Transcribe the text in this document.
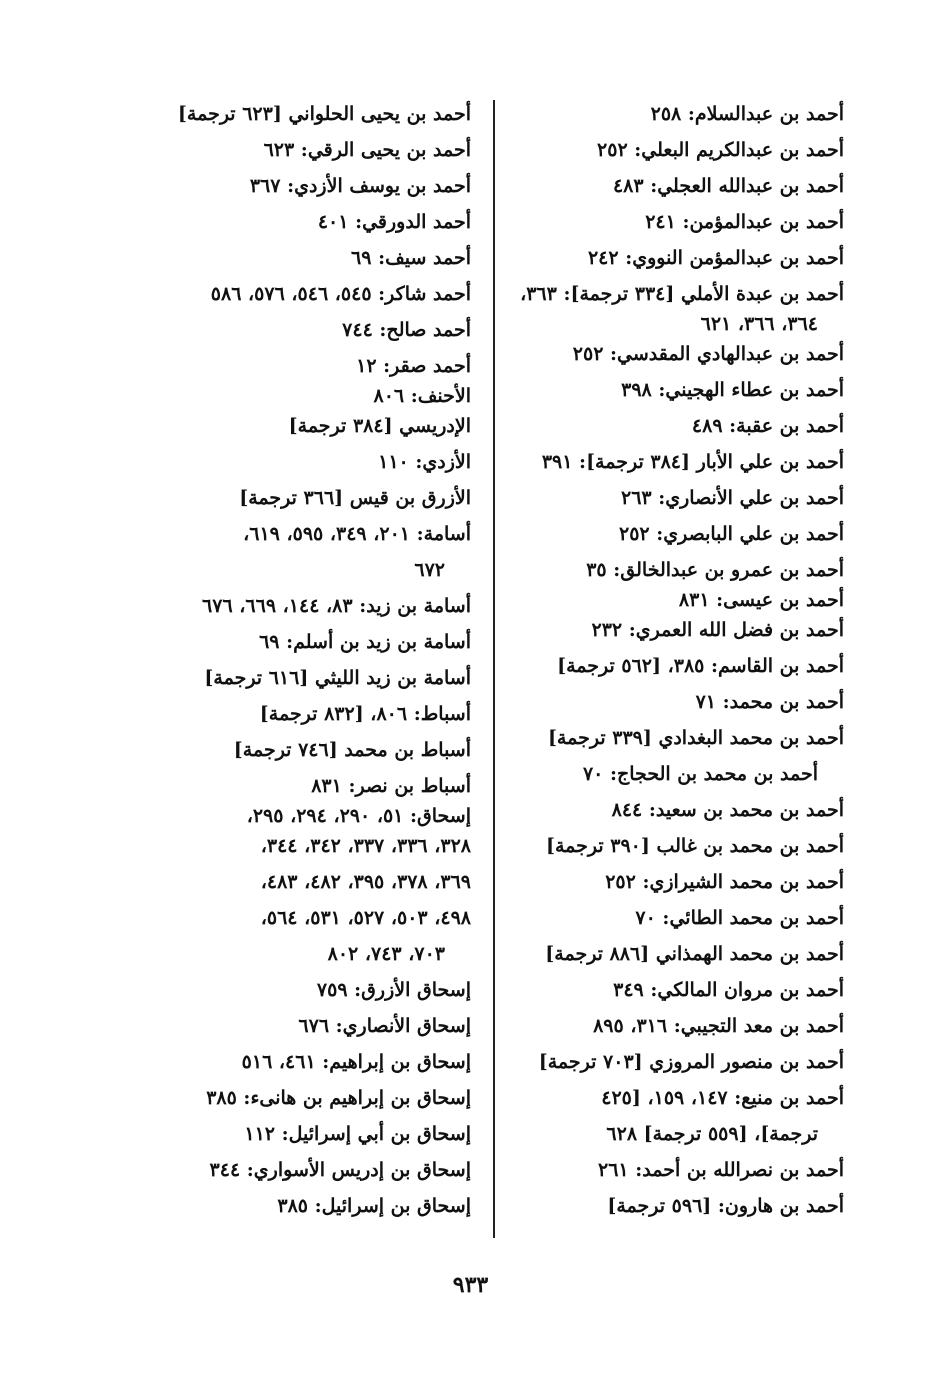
أحمد بن عبدالسلام: ٢٥٨
أحمد بن عبدالكريم البعلي: ٢٥٢
أحمد بن عبدالله العجلي: ٤٨٣
أحمد بن عبدالمؤمن: ٢٤١
أحمد بن عبدالمؤمن النووي: ٢٤٢
أحمد بن عبدة الأملي [٣٣٤ ترجمة]: ٣٦٣،
٣٦٤، ٣٦٦، ٦٢١
أحمد بن عبدالهادي المقدسي: ٢٥٢
أحمد بن عطاء الهجيني: ٣٩٨
أحمد بن عقبة: ٤٨٩
أحمد بن علي الأبار [٣٨٤ ترجمة]: ٣٩١
أحمد بن علي الأنصاري: ٢٦٣
أحمد بن علي البابصري: ٢٥٢
أحمد بن عمرو بن عبدالخالق: ٣٥
أحمد بن عيسى: ٨٣١
أحمد بن فضل الله العمري: ٢٣٢
أحمد بن القاسم: ٣٨٥، [٥٦٢ ترجمة]
أحمد بن محمد: ٧١
أحمد بن محمد البغدادي [٣٣٩ ترجمة]
أحمد بن محمد بن الحجاج: ٧٠
أحمد بن محمد بن سعيد: ٨٤٤
أحمد بن محمد بن غالب [٣٩٠ ترجمة]
أحمد بن محمد الشيرازي: ٢٥٢
أحمد بن محمد الطائي: ٧٠
أحمد بن محمد الهمذاني [٨٨٦ ترجمة]
أحمد بن مروان المالكي: ٣٤٩
أحمد بن معد التجيبي: ٣١٦، ٨٩٥
أحمد بن منصور المروزي [٧٠٣ ترجمة]
أحمد بن منيع: ١٤٧، ١٥٩، [٤٢٥
ترجمة]، [٥٥٩ ترجمة] ٦٢٨
أحمد بن نصرالله بن أحمد: ٢٦١
أحمد بن هارون: [٥٩٦ ترجمة]
أحمد بن يحيى الحلواني [٦٢٣ ترجمة]
أحمد بن يحيى الرقي: ٦٢٣
أحمد بن يوسف الأزدي: ٣٦٧
أحمد الدورقي: ٤٠١
أحمد سيف: ٦٩
أحمد شاكر: ٥٤٥، ٥٤٦، ٥٧٦، ٥٨٦
أحمد صالح: ٧٤٤
أحمد صقر: ١٢
الأحنف: ٨٠٦
الإدريسي [٣٨٤ ترجمة]
الأزدي: ١١٠
الأزرق بن قيس [٣٦٦ ترجمة]
أسامة: ٢٠١، ٣٤٩، ٥٩٥، ٦١٩،
٦٧٢
أسامة بن زيد: ٨٣، ١٤٤، ٦٦٩، ٦٧٦
أسامة بن زيد بن أسلم: ٦٩
أسامة بن زيد الليثي [٦١٦ ترجمة]
أسباط: ٨٠٦، [٨٣٢ ترجمة]
أسباط بن محمد [٧٤٦ ترجمة]
أسباط بن نصر: ٨٣١
إسحاق: ٥١، ٢٩٠، ٢٩٤، ٢٩٥،
٣٢٨، ٣٣٦، ٣٣٧، ٣٤٢، ٣٤٤،
٣٦٩، ٣٧٨، ٣٩٥، ٤٨٢، ٤٨٣،
٤٩٨، ٥٠٣، ٥٢٧، ٥٣١، ٥٦٤،
٧٠٣، ٧٤٣، ٨٠٢
إسحاق الأزرق: ٧٥٩
إسحاق الأنصاري: ٦٧٦
إسحاق بن إبراهيم: ٤٦١، ٥١٦
إسحاق بن إبراهيم بن هانىء: ٣٨٥
إسحاق بن أبي إسرائيل: ١١٢
إسحاق بن إدريس الأسواري: ٣٤٤
إسحاق بن إسرائيل: ٣٨٥
٩٣٣
